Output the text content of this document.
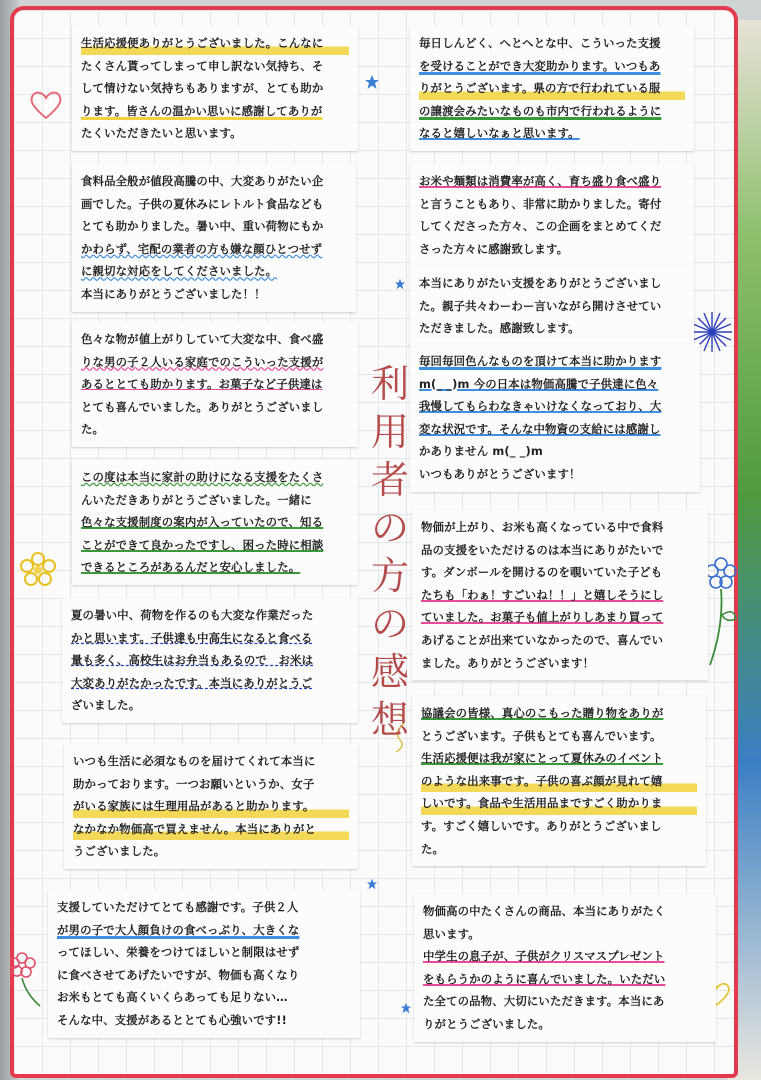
利
用
者
の
方
の
感
想
生活応援便ありがとうございました。こんなに
たくさん貰ってしまって申し訳ない気持ち、そ
して情けない気持ちもありますが、とても助か
ります。皆さんの温かい思いに感謝してありが
たくいただきたいと思います。
食料品全般が値段高騰の中、大変ありがたい企
画でした。子供の夏休みにレトルト食品なども
とても助かりました。暑い中、重い荷物にもか
かわらず、宅配の業者の方も嫌な顔ひとつせず
に親切な対応をしてくださいました。
本当にありがとうございました！！
色々な物が値上がりしていて大変な中、食べ盛
りな男の子２人いる家庭でのこういった支援が
あるととても助かります。お菓子など子供達は
とても喜んでいました。ありがとうございまし
た。
この度は本当に家計の助けになる支援をたくさ
んいただきありがとうございました。一緒に
色々な支援制度の案内が入っていたので、知る
ことができて良かったですし、困った時に相談
できるところがあるんだと安心しました。
夏の暑い中、荷物を作るのも大変な作業だった
かと思います。子供達も中高生になると食べる
量も多く、高校生はお弁当もあるので　お米は
大変ありがたかったです。本当にありがとうご
ざいました。
いつも生活に必須なものを届けてくれて本当に
助かっております。一つお願いというか、女子
がいる家族には生理用品があると助かります。
なかなか物価高で買えません。本当にありがと
うございました。
支援していただけてとても感謝です。子供２人
が男の子で大人顔負けの食べっぷり、大きくな
ってほしい、栄養をつけてほしいと制限はせず
に食べさせてあげたいですが、物価も高くなり
お米もとても高くいくらあっても足りない…
そんな中、支援があるととても心強いです!!
毎日しんどく、へとへとな中、こういった支援
を受けることができ大変助かります。いつもあ
りがとうございます。県の方で行われている服
の譲渡会みたいなものも市内で行われるように
なると嬉しいなぁと思います。
お米や麺類は消費率が高く、育ち盛り食べ盛り
と言うこともあり、非常に助かりました。寄付
してくださった方々、この企画をまとめてくだ
さった方々に感謝致します。
本当にありがたい支援をありがとうございまし
た。親子共々わーわー言いながら開けさせてい
ただきました。感謝致します。
毎回毎回色んなものを頂けて本当に助かります
m(_ _)m 今の日本は物価高騰で子供達に色々
我慢してもらわなきゃいけなくなっており、大
変な状況です。そんな中物資の支給には感謝し
かありません m(_ _)m
いつもありがとうございます！
物価が上がり、お米も高くなっている中で食料
品の支援をいただけるのは本当にありがたいで
す。ダンボールを開けるのを覗いていた子ども
たちも「わぁ！すごいね！！」と嬉しそうにし
ていました。お菓子も値上がりしあまり買って
あげることが出来ていなかったので、喜んでい
ました。ありがとうございます！
協議会の皆様、真心のこもった贈り物をありが
とうございます。子供もとても喜んでいます。
生活応援便は我が家にとって夏休みのイベント
のような出来事です。子供の喜ぶ顔が見れて嬉
しいです。食品や生活用品まですごく助かりま
す。すごく嬉しいです。ありがとうございまし
た。
物価高の中たくさんの商品、本当にありがたく
思います。
中学生の息子が、子供がクリスマスプレゼント
をもらうかのように喜んでいました。いただい
た全ての品物、大切にいただきます。本当にあ
りがとうございました。
